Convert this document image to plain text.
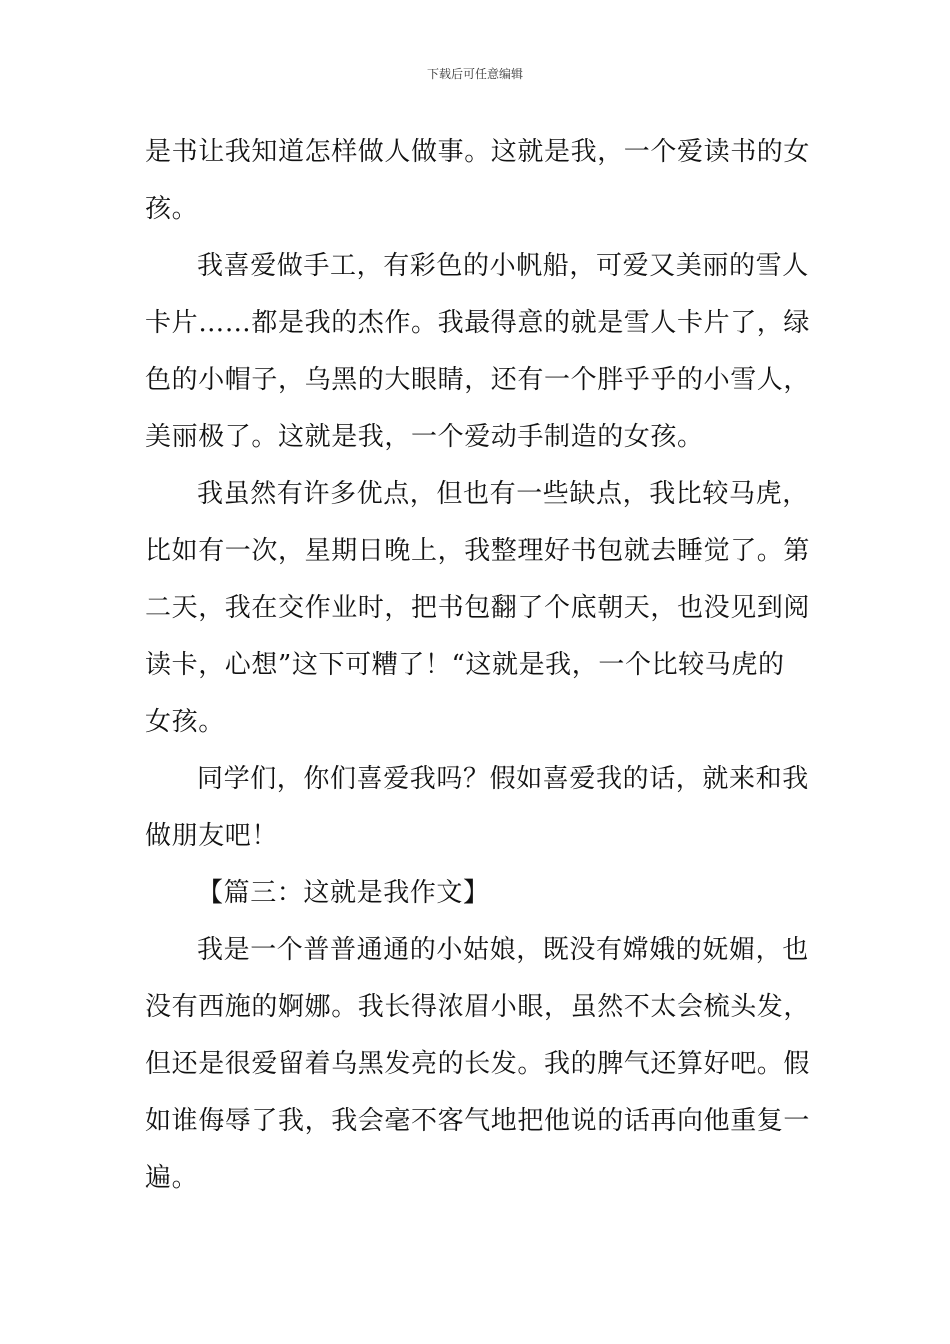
下载后可任意编辑
是书让我知道怎样做人做事。这就是我，一个爱读书的女
孩。
我喜爱做手工，有彩色的小帆船，可爱又美丽的雪人
卡片……都是我的杰作。我最得意的就是雪人卡片了，绿
色的小帽子，乌黑的大眼睛，还有一个胖乎乎的小雪人，
美丽极了。这就是我，一个爱动手制造的女孩。
我虽然有许多优点，但也有一些缺点，我比较马虎，
比如有一次，星期日晚上，我整理好书包就去睡觉了。第
二天，我在交作业时，把书包翻了个底朝天，也没见到阅
读卡，心想”这下可糟了！“这就是我，一个比较马虎的
女孩。
同学们，你们喜爱我吗？假如喜爱我的话，就来和我
做朋友吧！
【篇三：这就是我作文】
我是一个普普通通的小姑娘，既没有嫦娥的妩媚，也
没有西施的婀娜。我长得浓眉小眼，虽然不太会梳头发，
但还是很爱留着乌黑发亮的长发。我的脾气还算好吧。假
如谁侮辱了我，我会毫不客气地把他说的话再向他重复一
遍。
